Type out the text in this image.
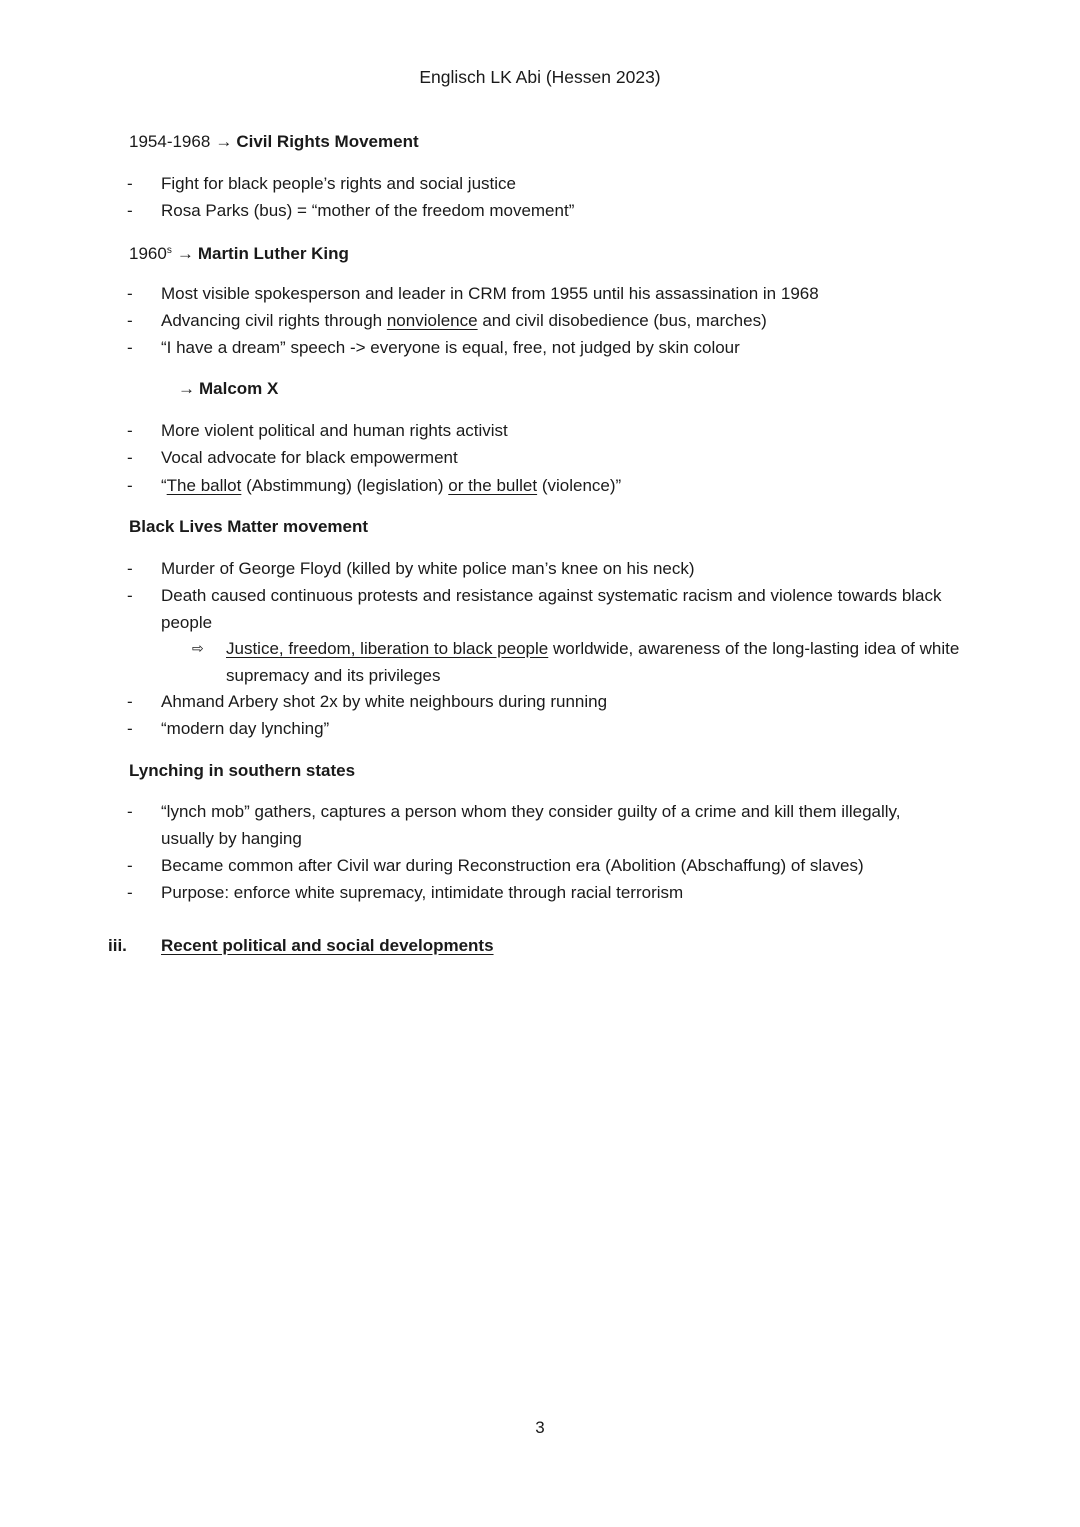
Englisch LK Abi (Hessen 2023)
1954-1968 → Civil Rights Movement
- Fight for black people’s rights and social justice
- Rosa Parks (bus) = “mother of the freedom movement”
$1960^s$ → Martin Luther King
- Most visible spokesperson and leader in CRM from 1955 until his assassination in 1968
- Advancing civil rights through nonviolence and civil disobedience (bus, marches)
- “I have a dream” speech -> everyone is equal, free, not judged by skin colour
→ Malcom X
- More violent political and human rights activist
- Vocal advocate for black empowerment
- “The ballot (Abstimmung) (legislation) or the bullet (violence)”
Black Lives Matter movement
- Murder of George Floyd (killed by white police man’s knee on his neck)
- Death caused continuous protests and resistance against systematic racism and violence towards black people
⇨ Justice, freedom, liberation to black people worldwide, awareness of the long-lasting idea of white supremacy and its privileges
- Ahmand Arbery shot 2x by white neighbours during running
- “modern day lynching”
Lynching in southern states
- “lynch mob” gathers, captures a person whom they consider guilty of a crime and kill them illegally, usually by hanging
- Became common after Civil war during Reconstruction era (Abolition (Abschaffung) of slaves)
- Purpose: enforce white supremacy, intimidate through racial terrorism
iii. Recent political and social developments
3
